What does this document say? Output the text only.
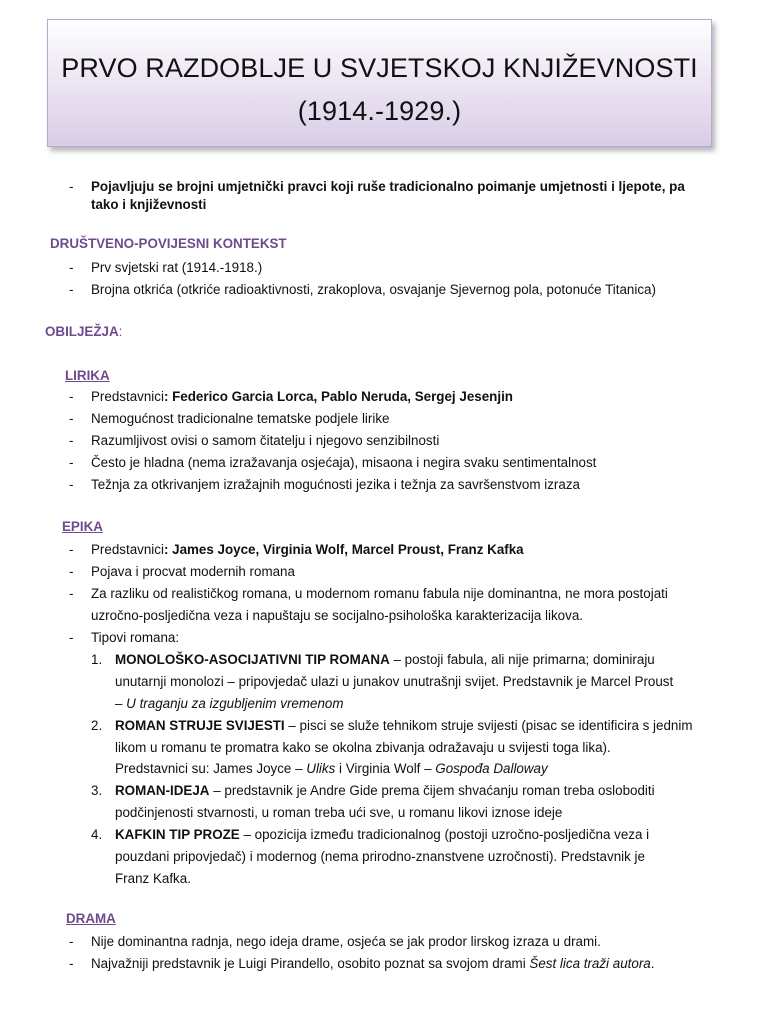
PRVO RAZDOBLJE U SVJETSKOJ KNJIŽEVNOSTI
(1914.-1929.)
- Pojavljuju se brojni umjetnički pravci koji ruše tradicionalno poimanje umjetnosti i ljepote, pa
tako i književnosti
DRUŠTVENO-POVIJESNI KONTEKST
- Prv svjetski rat (1914.-1918.)
- Brojna otkrića (otkriće radioaktivnosti, zrakoplova, osvajanje Sjevernog pola, potonuće Titanica)
OBILJEŽJA:
LIRIKA
- Predstavnici: Federico Garcia Lorca, Pablo Neruda, Sergej Jesenjin
- Nemogućnost tradicionalne tematske podjele lirike
- Razumljivost ovisi o samom čitatelju i njegovo senzibilnosti
- Često je hladna (nema izražavanja osjećaja), misaona i negira svaku sentimentalnost
- Težnja za otkrivanjem izražajnih mogućnosti jezika i težnja za savršenstvom izraza
EPIKA
- Predstavnici: James Joyce, Virginia Wolf, Marcel Proust, Franz Kafka
- Pojava i procvat modernih romana
- Za razliku od realističkog romana, u modernom romanu fabula nije dominantna, ne mora postojati
uzročno-posljedična veza i napuštaju se socijalno-psihološka karakterizacija likova.
- Tipovi romana:
1. MONOLOŠKO-ASOCIJATIVNI TIP ROMANA – postoji fabula, ali nije primarna; dominiraju
unutarnji monolozi – pripovjedač ulazi u junakov unutrašnji svijet. Predstavnik je Marcel Proust
– U traganju za izgubljenim vremenom
2. ROMAN STRUJE SVIJESTI – pisci se služe tehnikom struje svijesti (pisac se identificira s jednim
likom u romanu te promatra kako se okolna zbivanja odražavaju u svijesti toga lika).
Predstavnici su: James Joyce – Uliks i Virginia Wolf – Gospođa Dalloway
3. ROMAN-IDEJA – predstavnik je Andre Gide prema čijem shvaćanju roman treba osloboditi
podčinjenosti stvarnosti, u roman treba ući sve, u romanu likovi iznose ideje
4. KAFKIN TIP PROZE – opozicija između tradicionalnog (postoji uzročno-posljedična veza i
pouzdani pripovjedač) i modernog (nema prirodno-znanstvene uzročnosti). Predstavnik je
Franz Kafka.
DRAMA
- Nije dominantna radnja, nego ideja drame, osjeća se jak prodor lirskog izraza u drami.
- Najvažniji predstavnik je Luigi Pirandello, osobito poznat sa svojom drami Šest lica traži autora.
